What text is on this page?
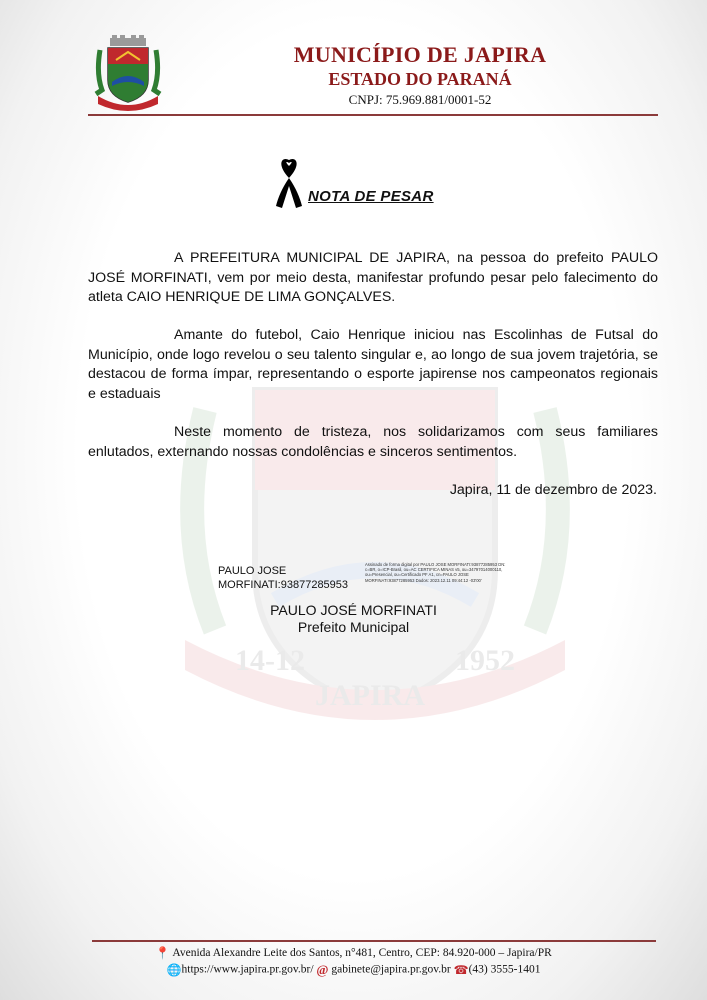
MUNICÍPIO DE JAPIRA
ESTADO DO PARANÁ
CNPJ: 75.969.881/0001-52
14-12	1952
JAPIRA
NOTA DE PESAR
A PREFEITURA MUNICIPAL DE JAPIRA, na pessoa do prefeito PAULO JOSÉ MORFINATI, vem por meio desta, manifestar profundo pesar pelo falecimento do atleta CAIO HENRIQUE DE LIMA GONÇALVES.
Amante do futebol, Caio Henrique iniciou nas Escolinhas de Futsal do Município, onde logo revelou o seu talento singular e, ao longo de sua jovem trajetória, se destacou de forma ímpar, representando o esporte japirense nos campeonatos regionais e estaduais
Neste momento de tristeza, nos solidarizamos com seus familiares enlutados, externando nossas condolências e sinceros sentimentos.
Japira, 11 de dezembro de 2023.
PAULO JOSE
MORFINATI:93877285953
Assinado de forma digital por PAULO JOSE MORFINATI:93877285953 DN: c=BR, o=ICP-Brasil, ou=AC CERTIFICA MINAS v5, ou=34797014000110, ou=Presencial, ou=Certificado PF A1, cn=PAULO JOSE MORFINATI:93877285953 Dados: 2023.12.11 09:44:12 -03'00'
PAULO JOSÉ MORFINATI
Prefeito Municipal
📍 Avenida Alexandre Leite dos Santos, n°481, Centro, CEP: 84.920-000 – Japira/PR
🌐https://www.japira.pr.gov.br/ @ gabinete@japira.pr.gov.br ☎(43) 3555-1401
